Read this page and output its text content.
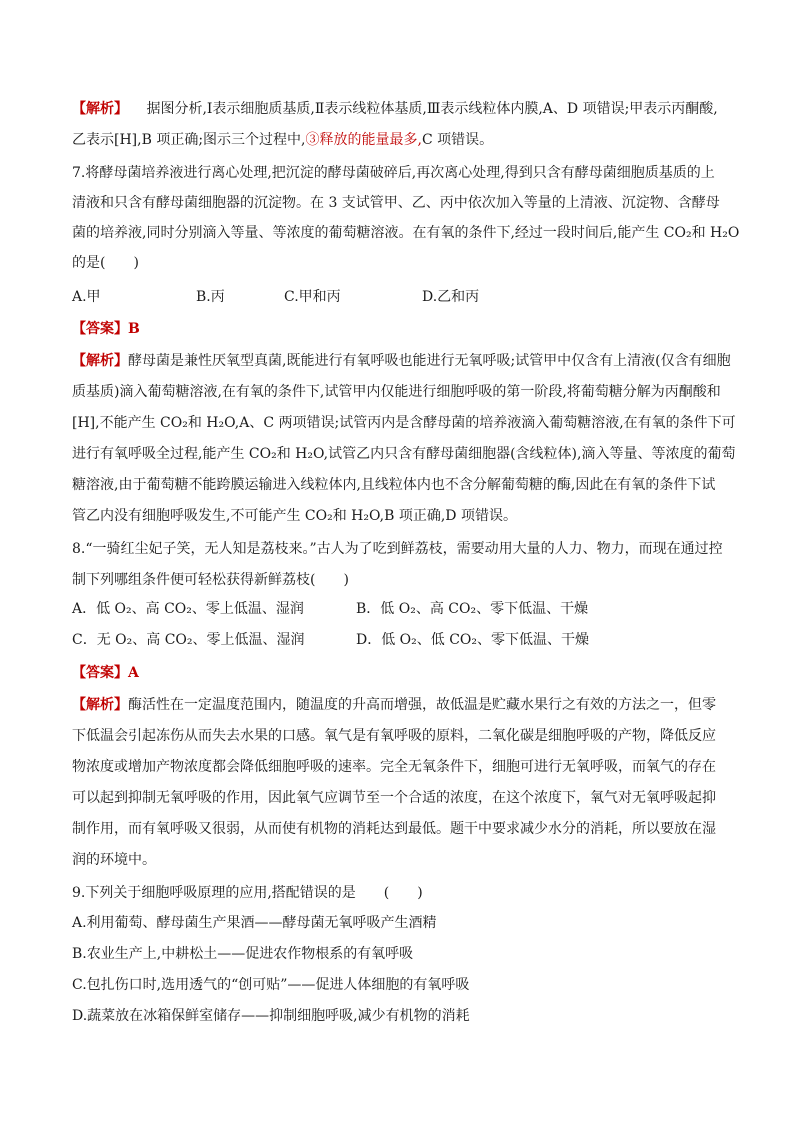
【解析】 据图分析,Ⅰ表示细胞质基质,Ⅱ表示线粒体基质,Ⅲ表示线粒体内膜,A、D 项错误;甲表示丙酮酸,
乙表示[H],B 项正确;图示三个过程中,③释放的能量最多,C 项错误。
7.将酵母菌培养液进行离心处理,把沉淀的酵母菌破碎后,再次离心处理,得到只含有酵母菌细胞质基质的上
清液和只含有酵母菌细胞器的沉淀物。在 3 支试管甲、乙、丙中依次加入等量的上清液、沉淀物、含酵母
菌的培养液,同时分别滴入等量、等浓度的葡萄糖溶液。在有氧的条件下,经过一段时间后,能产生 CO₂和 H₂O
的是(　　)
A.甲	B.丙	C.甲和丙	D.乙和丙
【答案】B
【解析】酵母菌是兼性厌氧型真菌,既能进行有氧呼吸也能进行无氧呼吸;试管甲中仅含有上清液(仅含有细胞
质基质)滴入葡萄糖溶液,在有氧的条件下,试管甲内仅能进行细胞呼吸的第一阶段,将葡萄糖分解为丙酮酸和
[H],不能产生 CO₂和 H₂O,A、C 两项错误;试管丙内是含酵母菌的培养液滴入葡萄糖溶液,在有氧的条件下可
进行有氧呼吸全过程,能产生 CO₂和 H₂O,试管乙内只含有酵母菌细胞器(含线粒体),滴入等量、等浓度的葡萄
糖溶液,由于葡萄糖不能跨膜运输进入线粒体内,且线粒体内也不含分解葡萄糖的酶,因此在有氧的条件下试
管乙内没有细胞呼吸发生,不可能产生 CO₂和 H₂O,B 项正确,D 项错误。
8.“一骑红尘妃子笑，无人知是荔枝来。”古人为了吃到鲜荔枝，需要动用大量的人力、物力，而现在通过控
制下列哪组条件便可轻松获得新鲜荔枝(　　)
A．低 O₂、高 CO₂、零上低温、湿润	B．低 O₂、高 CO₂、零下低温、干燥
C．无 O₂、高 CO₂、零上低温、湿润	D．低 O₂、低 CO₂、零下低温、干燥
【答案】A
【解析】酶活性在一定温度范围内，随温度的升高而增强，故低温是贮藏水果行之有效的方法之一，但零
下低温会引起冻伤从而失去水果的口感。氧气是有氧呼吸的原料，二氧化碳是细胞呼吸的产物，降低反应
物浓度或增加产物浓度都会降低细胞呼吸的速率。完全无氧条件下，细胞可进行无氧呼吸，而氧气的存在
可以起到抑制无氧呼吸的作用，因此氧气应调节至一个合适的浓度，在这个浓度下，氧气对无氧呼吸起抑
制作用，而有氧呼吸又很弱，从而使有机物的消耗达到最低。题干中要求减少水分的消耗，所以要放在湿
润的环境中。
9.下列关于细胞呼吸原理的应用,搭配错误的是　　(　　)
A.利用葡萄、酵母菌生产果酒——酵母菌无氧呼吸产生酒精
B.农业生产上,中耕松土——促进农作物根系的有氧呼吸
C.包扎伤口时,选用透气的“创可贴”——促进人体细胞的有氧呼吸
D.蔬菜放在冰箱保鲜室储存——抑制细胞呼吸,减少有机物的消耗
